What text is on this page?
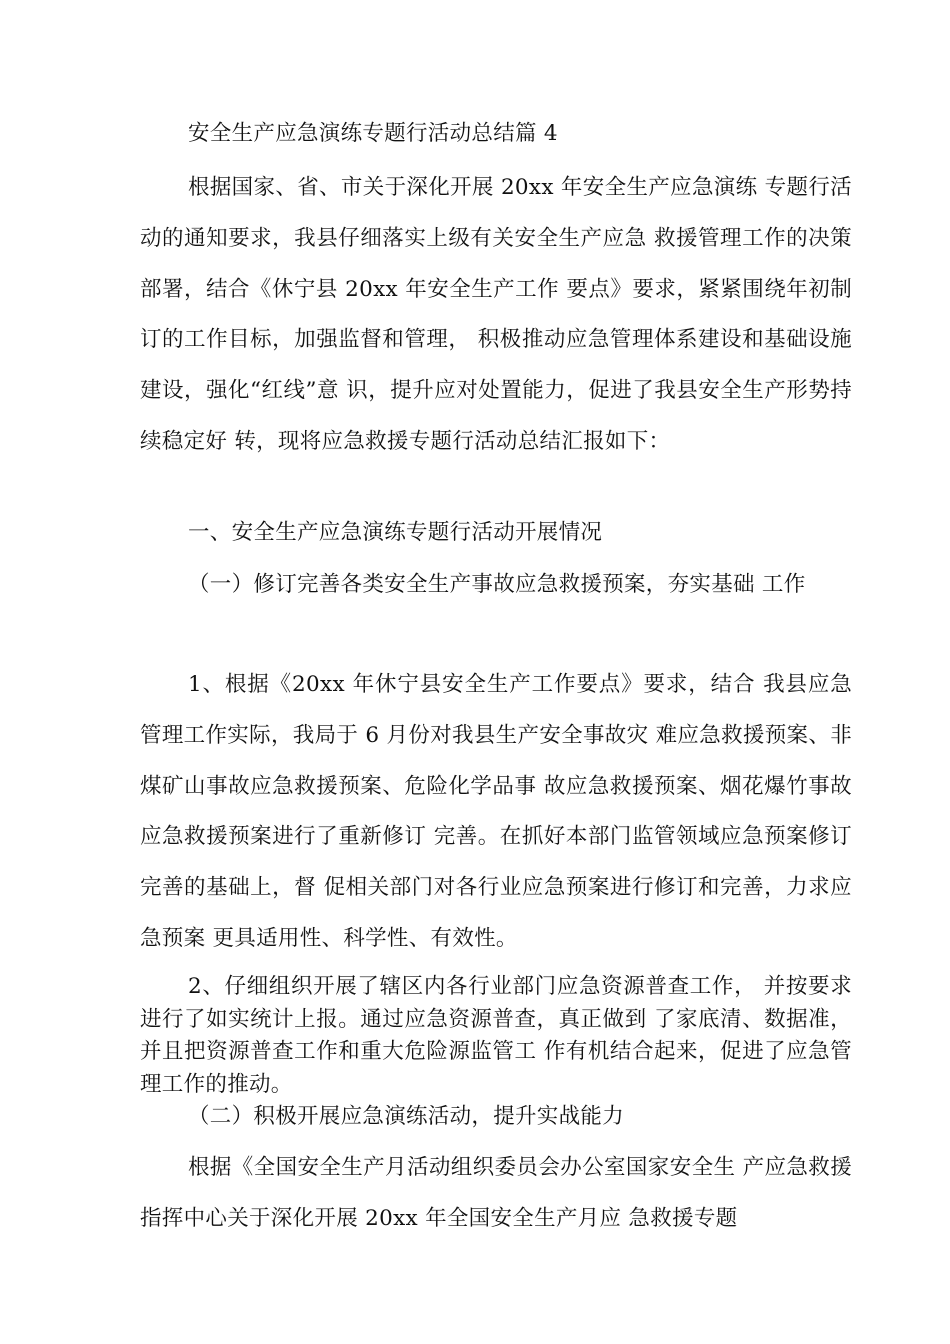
安全生产应急演练专题行活动总结篇 4

根据国家、省、市关于深化开展 20xx 年安全生产应急演练 专题行活动的通知要求，我县仔细落实上级有关安全生产应急 救援管理工作的决策部署，结合《休宁县 20xx 年安全生产工作 要点》要求，紧紧围绕年初制订的工作目标，加强监督和管理， 积极推动应急管理体系建设和基础设施建设，强化“红线”意 识，提升应对处置能力，促进了我县安全生产形势持续稳定好 转，现将应急救援专题行活动总结汇报如下：

一、安全生产应急演练专题行活动开展情况

（一）修订完善各类安全生产事故应急救援预案，夯实基础 工作

1、根据《20xx 年休宁县安全生产工作要点》要求，结合 我县应急管理工作实际，我局于 6 月份对我县生产安全事故灾 难应急救援预案、非煤矿山事故应急救援预案、危险化学品事 故应急救援预案、烟花爆竹事故应急救援预案进行了重新修订 完善。在抓好本部门监管领域应急预案修订完善的基础上，督 促相关部门对各行业应急预案进行修订和完善，力求应急预案 更具适用性、科学性、有效性。

2、仔细组织开展了辖区内各行业部门应急资源普查工作， 并按要求进行了如实统计上报。通过应急资源普查，真正做到 了家底清、数据准，并且把资源普查工作和重大危险源监管工 作有机结合起来，促进了应急管理工作的推动。

（二）积极开展应急演练活动，提升实战能力

根据《全国安全生产月活动组织委员会办公室国家安全生 产应急救援指挥中心关于深化开展 20xx 年全国安全生产月应 急救援专题
